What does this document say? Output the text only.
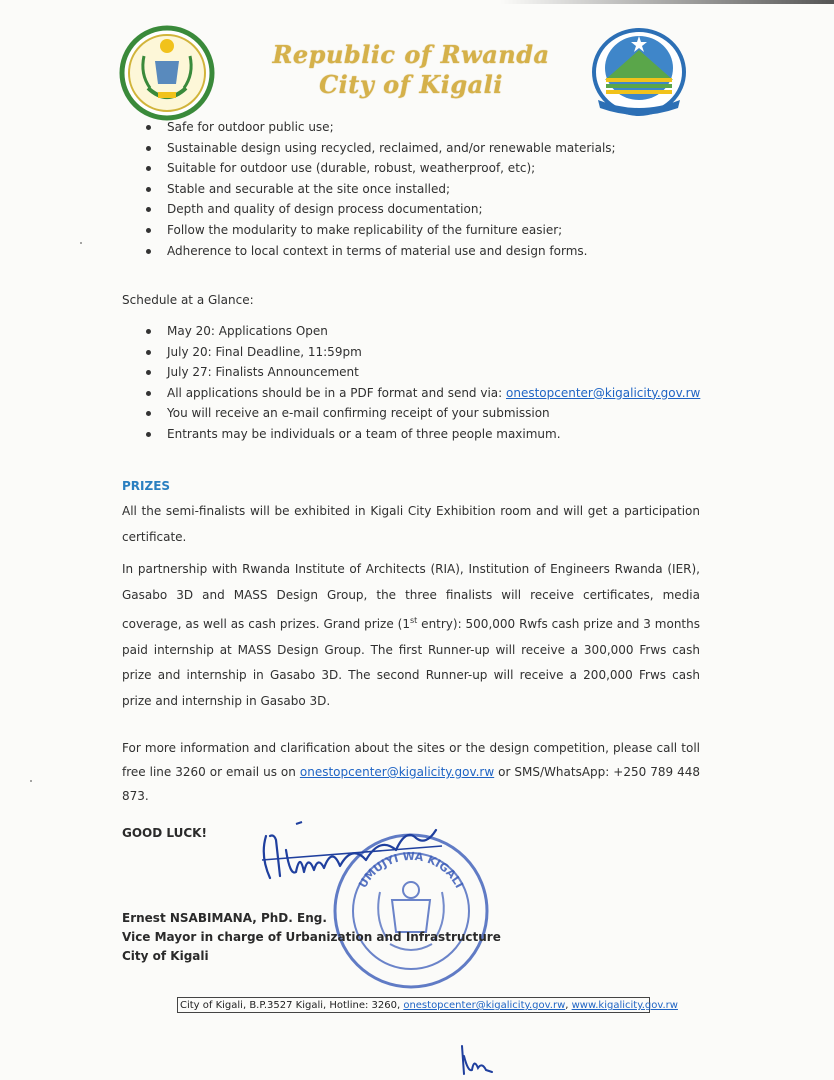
Republic of Rwanda
City of Kigali
Safe for outdoor public use;
Sustainable design using recycled, reclaimed, and/or renewable materials;
Suitable for outdoor use (durable, robust, weatherproof, etc);
Stable and securable at the site once installed;
Depth and quality of design process documentation;
Follow the modularity to make replicability of the furniture easier;
Adherence to local context in terms of material use and design forms.
Schedule at a Glance:
May 20: Applications Open
July 20: Final Deadline, 11:59pm
July 27: Finalists Announcement
All applications should be in a PDF format and send via: onestopcenter@kigalicity.gov.rw
You will receive an e-mail confirming receipt of your submission
Entrants may be individuals or a team of three people maximum.
PRIZES
All the semi-finalists will be exhibited in Kigali City Exhibition room and will get a participation certificate.
In partnership with Rwanda Institute of Architects (RIA), Institution of Engineers Rwanda (IER), Gasabo 3D and MASS Design Group, the three finalists will receive certificates, media coverage, as well as cash prizes. Grand prize (1st entry): 500,000 Rwfs cash prize and 3 months paid internship at MASS Design Group. The first Runner-up will receive a 300,000 Frws cash prize and internship in Gasabo 3D. The second Runner-up will receive a 200,000 Frws cash prize and internship in Gasabo 3D.
For more information and clarification about the sites or the design competition, please call toll free line 3260 or email us on onestopcenter@kigalicity.gov.rw or SMS/WhatsApp: +250 789 448 873.
GOOD LUCK!
UMUJYI WA KIGALI
Ernest NSABIMANA, PhD. Eng.
Vice Mayor in charge of Urbanization and Infrastructure
City of Kigali
City of Kigali, B.P.3527 Kigali, Hotline: 3260, onestopcenter@kigalicity.gov.rw, www.kigalicity.gov.rw
